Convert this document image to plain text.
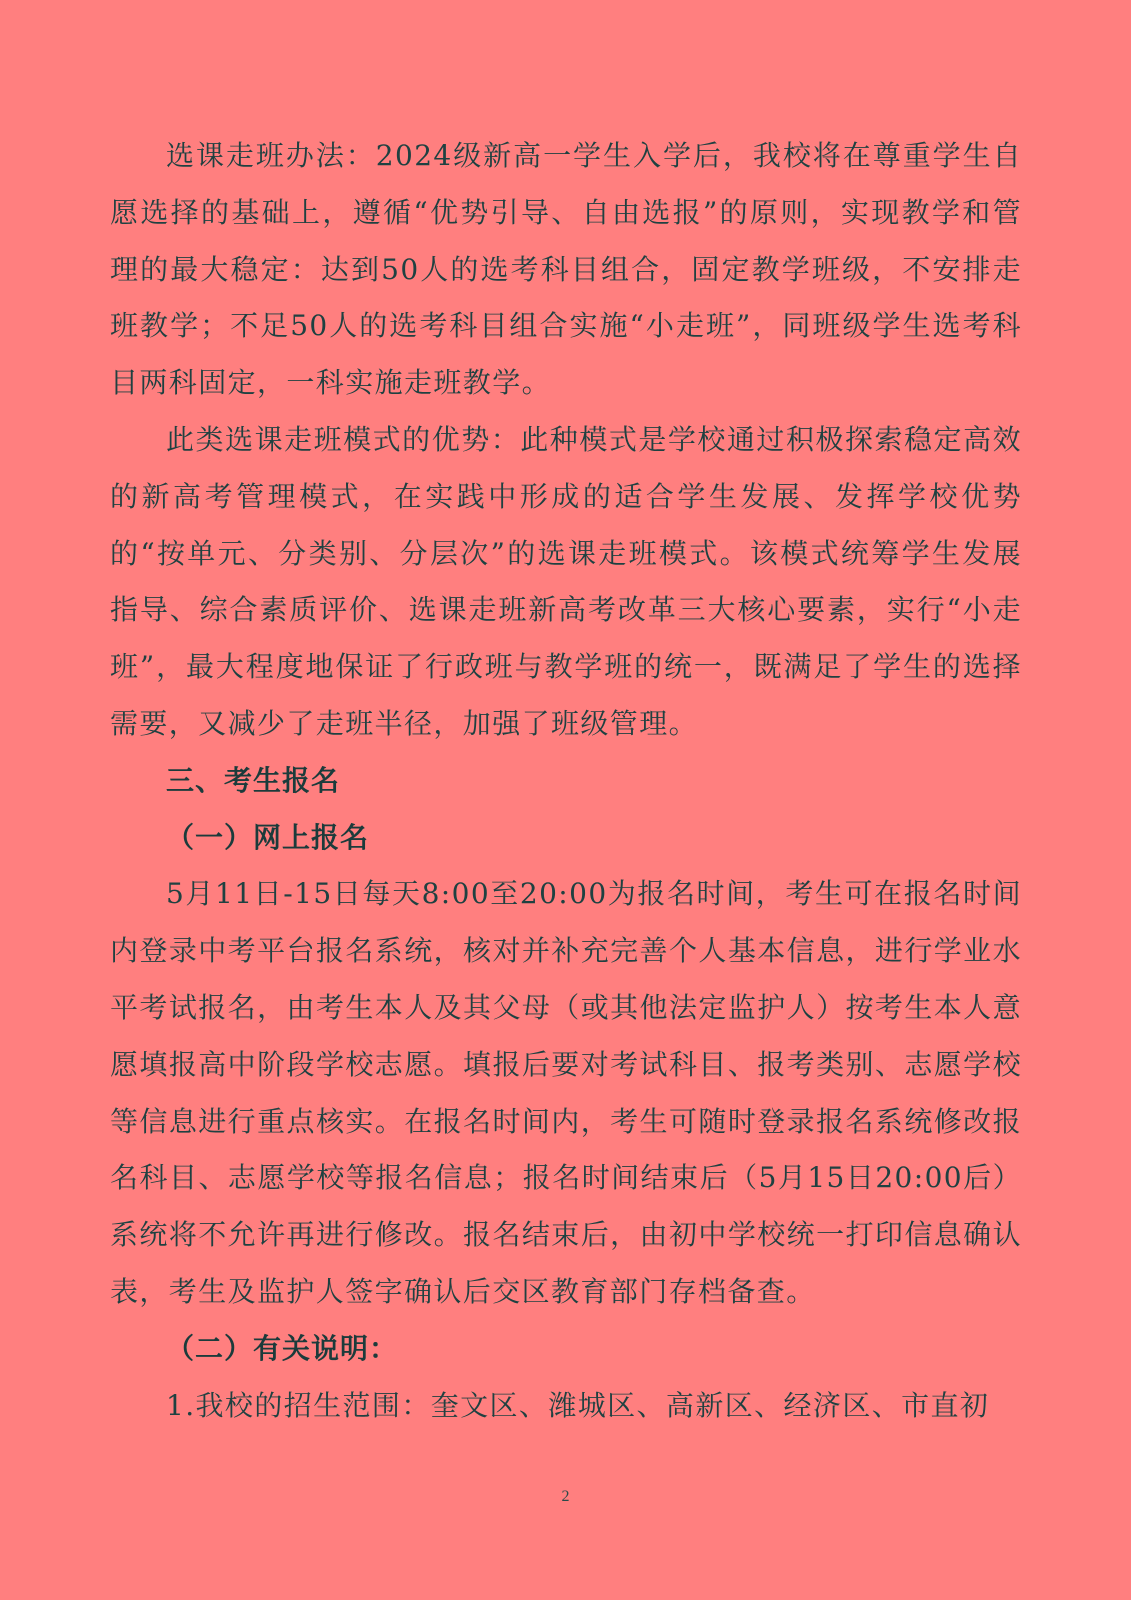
选课走班办法：2024级新高一学生入学后，我校将在尊重学生自愿选择的基础上，遵循“优势引导、自由选报”的原则，实现教学和管理的最大稳定：达到50人的选考科目组合，固定教学班级，不安排走班教学；不足50人的选考科目组合实施“小走班”，同班级学生选考科目两科固定，一科实施走班教学。

此类选课走班模式的优势：此种模式是学校通过积极探索稳定高效的新高考管理模式，在实践中形成的适合学生发展、发挥学校优势的“按单元、分类别、分层次”的选课走班模式。该模式统筹学生发展指导、综合素质评价、选课走班新高考改革三大核心要素，实行“小走班”，最大程度地保证了行政班与教学班的统一，既满足了学生的选择需要，又减少了走班半径，加强了班级管理。

三、考生报名
（一）网上报名

5月11日-15日每天8:00至20:00为报名时间，考生可在报名时间内登录中考平台报名系统，核对并补充完善个人基本信息，进行学业水平考试报名，由考生本人及其父母（或其他法定监护人）按考生本人意愿填报高中阶段学校志愿。填报后要对考试科目、报考类别、志愿学校等信息进行重点核实。在报名时间内，考生可随时登录报名系统修改报名科目、志愿学校等报名信息；报名时间结束后（5月15日20:00后）系统将不允许再进行修改。报名结束后，由初中学校统一打印信息确认表，考生及监护人签字确认后交区教育部门存档备查。

（二）有关说明：

1.我校的招生范围：奎文区、潍城区、高新区、经济区、市直初

2
